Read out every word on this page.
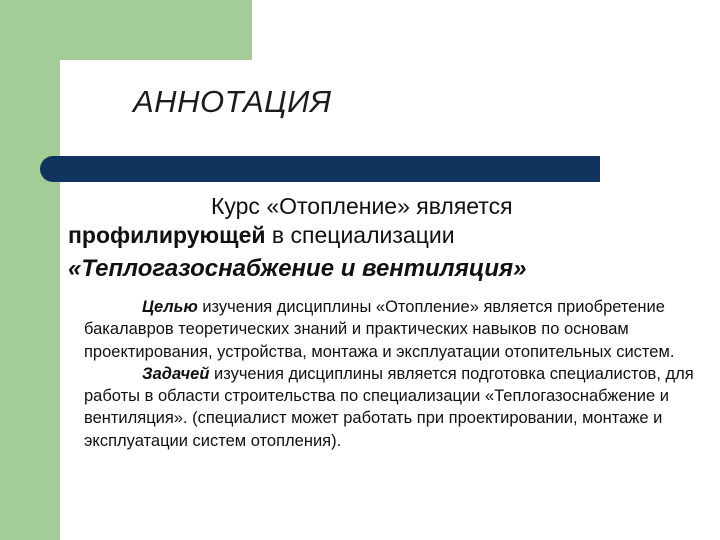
АННОТАЦИЯ

Курс «Отопление» является
профилирующей в специализации

«Теплогазоснабжение и вентиляция»

Целью изучения дисциплины «Отопление» является приобретение бакалавров теоретических знаний и практических навыков по основам проектирования, устройства, монтажа и эксплуатации отопительных систем.

Задачей изучения дисциплины является подготовка специалистов, для работы в области строительства по специализации «Теплогазоснабжение и вентиляция». (специалист может работать при проектировании, монтаже и эксплуатации систем отопления).
